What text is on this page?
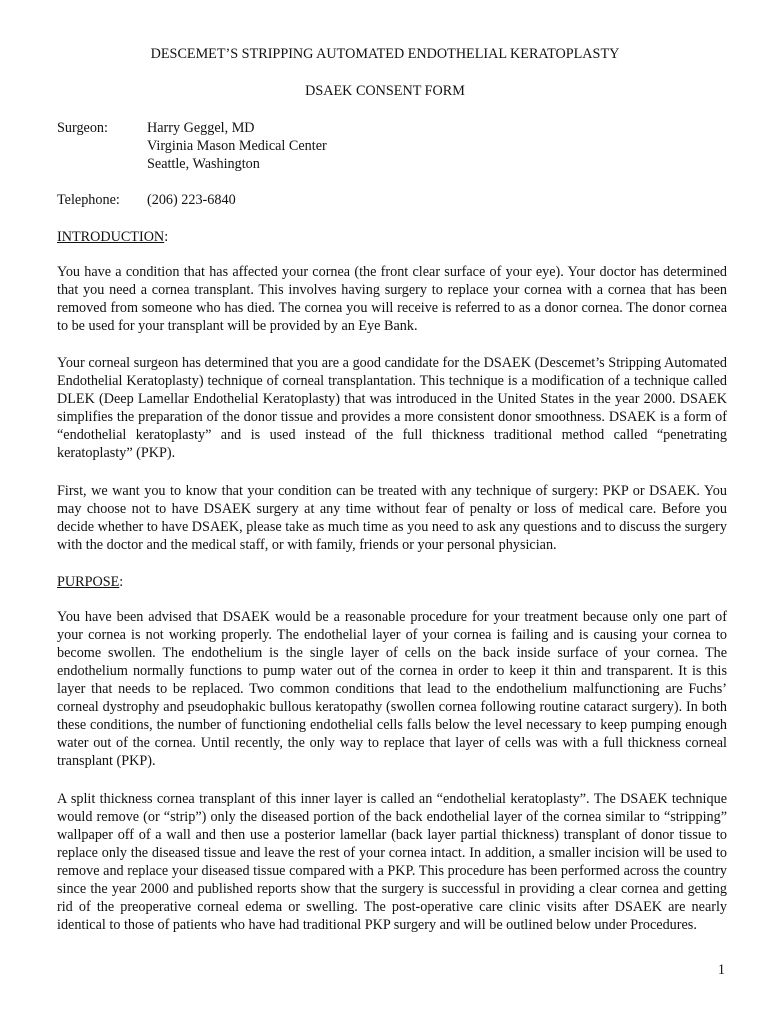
DESCEMET’S STRIPPING AUTOMATED ENDOTHELIAL KERATOPLASTY
DSAEK CONSENT FORM
Surgeon:	Harry Geggel, MD
Virginia Mason Medical Center
Seattle, Washington
Telephone: (206) 223-6840
INTRODUCTION:
You have a condition that has affected your cornea (the front clear surface of your eye). Your doctor has determined that you need a cornea transplant. This involves having surgery to replace your cornea with a cornea that has been removed from someone who has died. The cornea you will receive is referred to as a donor cornea. The donor cornea to be used for your transplant will be provided by an Eye Bank.
Your corneal surgeon has determined that you are a good candidate for the DSAEK (Descemet’s Stripping Automated Endothelial Keratoplasty) technique of corneal transplantation. This technique is a modification of a technique called DLEK (Deep Lamellar Endothelial Keratoplasty) that was introduced in the United States in the year 2000. DSAEK simplifies the preparation of the donor tissue and provides a more consistent donor smoothness. DSAEK is a form of “endothelial keratoplasty” and is used instead of the full thickness traditional method called “penetrating keratoplasty” (PKP).
First, we want you to know that your condition can be treated with any technique of surgery: PKP or DSAEK. You may choose not to have DSAEK surgery at any time without fear of penalty or loss of medical care. Before you decide whether to have DSAEK, please take as much time as you need to ask any questions and to discuss the surgery with the doctor and the medical staff, or with family, friends or your personal physician.
PURPOSE:
You have been advised that DSAEK would be a reasonable procedure for your treatment because only one part of your cornea is not working properly. The endothelial layer of your cornea is failing and is causing your cornea to become swollen. The endothelium is the single layer of cells on the back inside surface of your cornea. The endothelium normally functions to pump water out of the cornea in order to keep it thin and transparent. It is this layer that needs to be replaced. Two common conditions that lead to the endothelium malfunctioning are Fuchs’ corneal dystrophy and pseudophakic bullous keratopathy (swollen cornea following routine cataract surgery). In both these conditions, the number of functioning endothelial cells falls below the level necessary to keep pumping enough water out of the cornea. Until recently, the only way to replace that layer of cells was with a full thickness corneal transplant (PKP).
A split thickness cornea transplant of this inner layer is called an “endothelial keratoplasty”. The DSAEK technique would remove (or “strip”) only the diseased portion of the back endothelial layer of the cornea similar to “stripping” wallpaper off of a wall and then use a posterior lamellar (back layer partial thickness) transplant of donor tissue to replace only the diseased tissue and leave the rest of your cornea intact. In addition, a smaller incision will be used to remove and replace your diseased tissue compared with a PKP. This procedure has been performed across the country since the year 2000 and published reports show that the surgery is successful in providing a clear cornea and getting rid of the preoperative corneal edema or swelling. The post-operative care clinic visits after DSAEK are nearly identical to those of patients who have had traditional PKP surgery and will be outlined below under Procedures.
1
